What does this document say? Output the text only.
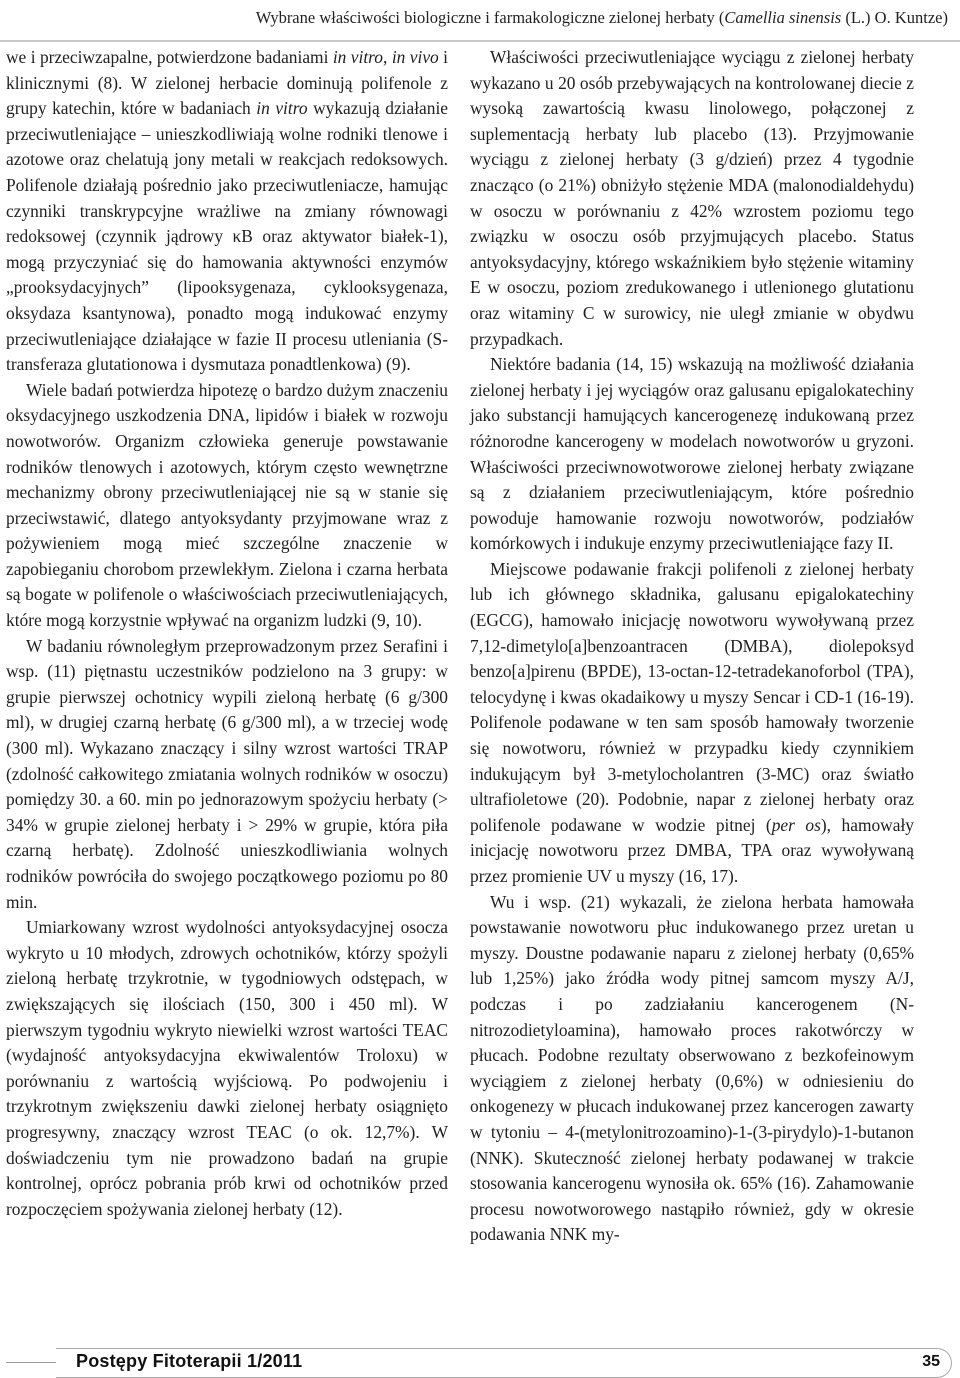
Wybrane właściwości biologiczne i farmakologiczne zielonej herbaty (Camellia sinensis (L.) O. Kuntze)

we i przeciwzapalne, potwierdzone badaniami in vitro, in vivo i klinicznymi (8). W zielonej herbacie dominują polifenole z grupy katechin, które w badaniach in vitro wykazują działanie przeciwutleniające – unieszkodliwiają wolne rodniki tlenowe i azotowe oraz chelatują jony metali w reakcjach redoksowych. Polifenole działają pośrednio jako przeciwutleniacze, hamując czynniki transkrypcyjne wrażliwe na zmiany równowagi redoksowej (czynnik jądrowy κB oraz aktywator białek-1), mogą przyczyniać się do hamowania aktywności enzymów „prooksydacyjnych” (lipooksygenaza, cyklooksygenaza, oksydaza ksantynowa), ponadto mogą indukować enzymy przeciwutleniające działające w fazie II procesu utleniania (S-transferaza glutationowa i dysmutaza ponadtlenkowa) (9).

Wiele badań potwierdza hipotezę o bardzo dużym znaczeniu oksydacyjnego uszkodzenia DNA, lipidów i białek w rozwoju nowotworów. Organizm człowieka generuje powstawanie rodników tlenowych i azotowych, którym często wewnętrzne mechanizmy obrony przeciwutleniającej nie są w stanie się przeciwstawić, dlatego antyoksydanty przyjmowane wraz z pożywieniem mogą mieć szczególne znaczenie w zapobieganiu chorobom przewlekłym. Zielona i czarna herbata są bogate w polifenole o właściwościach przeciwutleniających, które mogą korzystnie wpływać na organizm ludzki (9, 10).

W badaniu równoległym przeprowadzonym przez Serafini i wsp. (11) piętnastu uczestników podzielono na 3 grupy: w grupie pierwszej ochotnicy wypili zieloną herbatę (6 g/300 ml), w drugiej czarną herbatę (6 g/300 ml), a w trzeciej wodę (300 ml). Wykazano znaczący i silny wzrost wartości TRAP (zdolność całkowitego zmiatania wolnych rodników w osoczu) pomiędzy 30. a 60. min po jednorazowym spożyciu herbaty (> 34% w grupie zielonej herbaty i > 29% w grupie, która piła czarną herbatę). Zdolność unieszkodliwiania wolnych rodników powróciła do swojego początkowego poziomu po 80 min.

Umiarkowany wzrost wydolności antyoksydacyjnej osocza wykryto u 10 młodych, zdrowych ochotników, którzy spożyli zieloną herbatę trzykrotnie, w tygodniowych odstępach, w zwiększających się ilościach (150, 300 i 450 ml). W pierwszym tygodniu wykryto niewielki wzrost wartości TEAC (wydajność antyoksydacyjna ekwiwalentów Troloxu) w porównaniu z wartością wyjściową. Po podwojeniu i trzykrotnym zwiększeniu dawki zielonej herbaty osiągnięto progresywny, znaczący wzrost TEAC (o ok. 12,7%). W doświadczeniu tym nie prowadzono badań na grupie kontrolnej, oprócz pobrania prób krwi od ochotników przed rozpoczęciem spożywania zielonej herbaty (12).

Właściwości przeciwutleniające wyciągu z zielonej herbaty wykazano u 20 osób przebywających na kontrolowanej diecie z wysoką zawartością kwasu linolowego, połączonej z suplementacją herbaty lub placebo (13). Przyjmowanie wyciągu z zielonej herbaty (3 g/dzień) przez 4 tygodnie znacząco (o 21%) obniżyło stężenie MDA (malonodialdehydu) w osoczu w porównaniu z 42% wzrostem poziomu tego związku w osoczu osób przyjmujących placebo. Status antyoksydacyjny, którego wskaźnikiem było stężenie witaminy E w osoczu, poziom zredukowanego i utlenionego glutationu oraz witaminy C w surowicy, nie uległ zmianie w obydwu przypadkach.

Niektóre badania (14, 15) wskazują na możliwość działania zielonej herbaty i jej wyciągów oraz galusanu epigalokatechiny jako substancji hamujących kancerogenezę indukowaną przez różnorodne kancerogeny w modelach nowotworów u gryzoni. Właściwości przeciwnowotworowe zielonej herbaty związane są z działaniem przeciwutleniającym, które pośrednio powoduje hamowanie rozwoju nowotworów, podziałów komórkowych i indukuje enzymy przeciwutleniające fazy II.

Miejscowe podawanie frakcji polifenoli z zielonej herbaty lub ich głównego składnika, galusanu epigalokatechiny (EGCG), hamowało inicjację nowotworu wywoływaną przez 7,12-dimetylo[a]benzoantracen (DMBA), diolepoksyd benzo[a]pirenu (BPDE), 13-octan-12-tetradekanoforbol (TPA), telocydynę i kwas okadaikowy u myszy Sencar i CD-1 (16-19). Polifenole podawane w ten sam sposób hamowały tworzenie się nowotworu, również w przypadku kiedy czynnikiem indukującym był 3-metylocholantren (3-MC) oraz światło ultrafioletowe (20). Podobnie, napar z zielonej herbaty oraz polifenole podawane w wodzie pitnej (per os), hamowały inicjację nowotworu przez DMBA, TPA oraz wywoływaną przez promienie UV u myszy (16, 17).

Wu i wsp. (21) wykazali, że zielona herbata hamowała powstawanie nowotworu płuc indukowanego przez uretan u myszy. Doustne podawanie naparu z zielonej herbaty (0,65% lub 1,25%) jako źródła wody pitnej samcom myszy A/J, podczas i po zadziałaniu kancerogenem (N-nitrozodietyloamina), hamowało proces rakotwórczy w płucach. Podobne rezultaty obserwowano z bezkofeinowym wyciągiem z zielonej herbaty (0,6%) w odniesieniu do onkogenezy w płucach indukowanej przez kancerogen zawarty w tytoniu – 4-(metylonitrozoamino)-1-(3-pirydylo)-1-butanon (NNK). Skuteczność zielonej herbaty podawanej w trakcie stosowania kancerogenu wynosiła ok. 65% (16). Zahamowanie procesu nowotworowego nastąpiło również, gdy w okresie podawania NNK my-

Postępy Fitoterapii 1/2011	35
